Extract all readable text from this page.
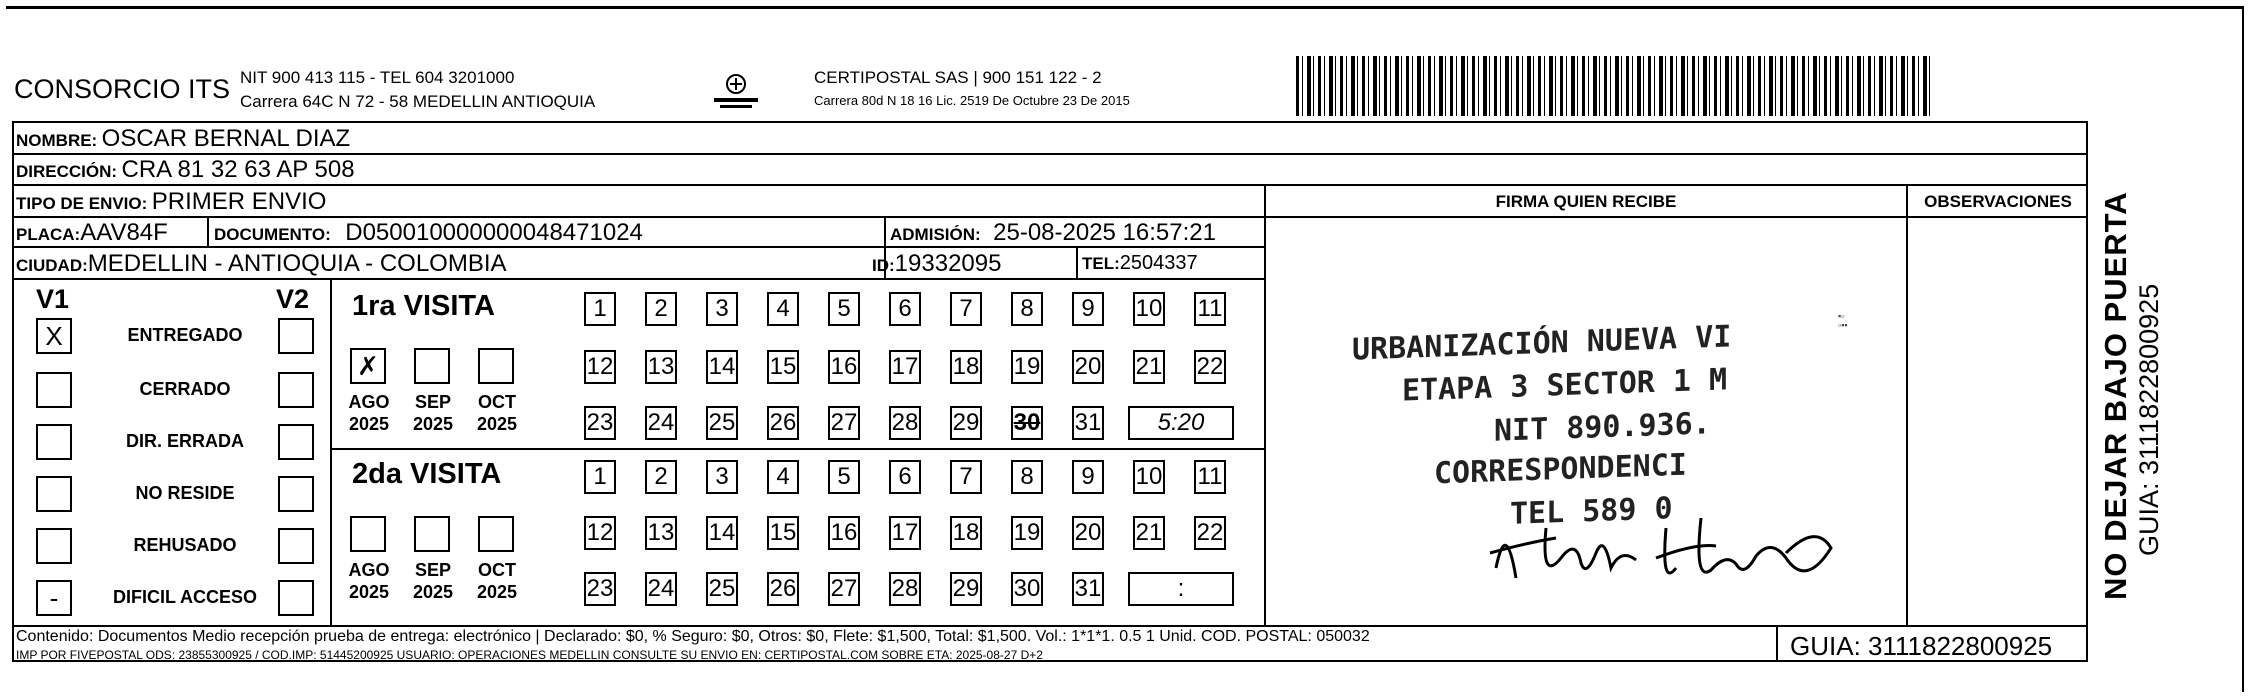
CONSORCIO ITS NIT 900 413 115 - TEL 604 3201000
Carrera 64C N 72 - 58 MEDELLIN ANTIOQUIA
CERTIPOSTAL SAS | 900 151 122 - 2
Carrera 80d N 18 16 Lic. 2519 De Octubre 23 De 2015
NOMBRE: OSCAR BERNAL DIAZ
DIRECCIÓN: CRA 81 32 63 AP 508
TIPO DE ENVIO: PRIMER ENVIO	FIRMA QUIEN RECIBE	OBSERVACIONES
PLACA:AAV84F	DOCUMENTO: D050010000000048471024	ADMISIÓN: 25-08-2025 16:57:21
CIUDAD:MEDELLIN - ANTIOQUIA - COLOMBIA	ID:19332095	TEL:2504337
V1	V2
X	ENTREGADO
CERRADO
DIR. ERRADA
NO RESIDE
REHUSADO
-	DIFICIL ACCESO
1ra VISITA
2da VISITA
✗
AGO
2025
SEP
2025
OCT
2025
AGO
2025
SEP
2025
OCT
2025
1	2	3	4	5	6	7	8	9	10 11
12 13 14 15 16 17 18 19 20 21 22
23 24 25 26 27 28 29 30 31	5:20
1	2	3	4	5	6	7	8	9	10 11
12 13 14 15 16 17 18 19 20 21 22
23 24 25 26 27 28 29 30 31	:
URBANIZACIÓN NUEVA VI
ETAPA 3 SECTOR 1 M
NIT 890.936.
CORRESPONDENCI
TEL 589 0
▪▫
▫▪▪	NO DEJAR BAJO PUERTA GUIA: 3111822800925
Contenido: Documentos Medio recepción prueba de entrega: electrónico | Declarado: $0, % Seguro: $0, Otros: $0, Flete: $1,500, Total: $1,500. Vol.: 1*1*1. 0.5 1 Unid. COD. POSTAL: 050032
IMP POR FIVEPOSTAL ODS: 23855300925 / COD.IMP: 51445200925 USUARIO: OPERACIONES MEDELLIN CONSULTE SU ENVIO EN: CERTIPOSTAL.COM SOBRE ETA: 2025-08-27 D+2	GUIA: 3111822800925
